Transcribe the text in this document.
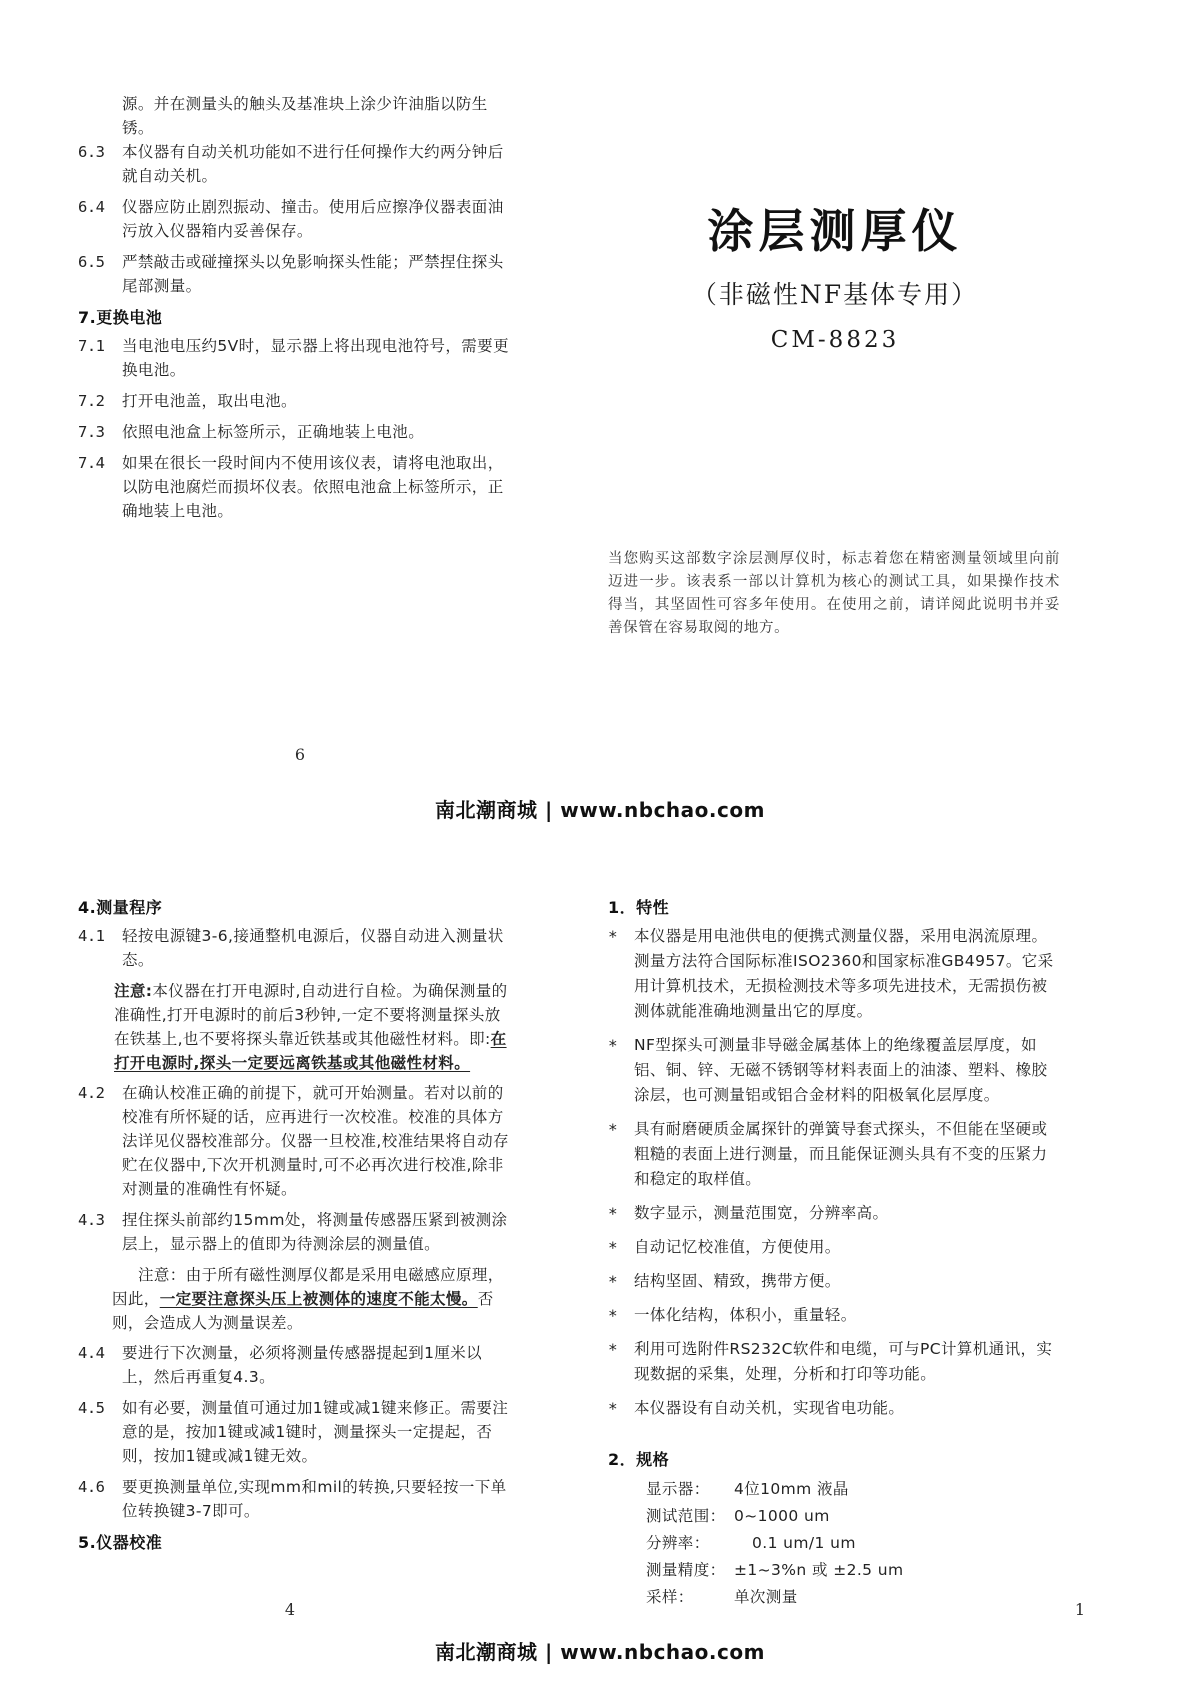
源。并在测量头的触头及基准块上涂少许油脂以防生锈。
6.3	本仪器有自动关机功能如不进行任何操作大约两分钟后就自动关机。
6.4	仪器应防止剧烈振动、撞击。使用后应擦净仪器表面油污放入仪器箱内妥善保存。
6.5	严禁敲击或碰撞探头以免影响探头性能；严禁捏住探头尾部测量。
7.更换电池
7.1	当电池电压约5V时，显示器上将出现电池符号，需要更换电池。
7.2	打开电池盖，取出电池。
7.3	依照电池盒上标签所示，正确地装上电池。
7.4	如果在很长一段时间内不使用该仪表，请将电池取出，以防电池腐烂而损坏仪表。依照电池盒上标签所示，正确地装上电池。
涂层测厚仪
（非磁性NF基体专用）
CM-8823
当您购买这部数字涂层测厚仪时，标志着您在精密测量领域里向前迈进一步。该表系一部以计算机为核心的测试工具，如果操作技术得当，其坚固性可容多年使用。在使用之前，请详阅此说明书并妥善保管在容易取阅的地方。
6
南北潮商城 | www.nbchao.com
4.测量程序
4.1	轻按电源键3-6,接通整机电源后，仪器自动进入测量状态。
注意:本仪器在打开电源时,自动进行自检。为确保测量的准确性,打开电源时的前后3秒钟,一定不要将测量探头放在铁基上,也不要将探头靠近铁基或其他磁性材料。即:在打开电源时,探头一定要远离铁基或其他磁性材料。
4.2	在确认校准正确的前提下，就可开始测量。若对以前的校准有所怀疑的话，应再进行一次校准。校准的具体方法详见仪器校准部分。仪器一旦校准,校准结果将自动存贮在仪器中,下次开机测量时,可不必再次进行校准,除非对测量的准确性有怀疑。
4.3	捏住探头前部约15mm处，将测量传感器压紧到被测涂层上，显示器上的值即为待测涂层的测量值。
注意：由于所有磁性测厚仪都是采用电磁感应原理，因此，一定要注意探头压上被测体的速度不能太慢。否则，会造成人为测量误差。
4.4	要进行下次测量，必须将测量传感器提起到1厘米以上，然后再重复4.3。
4.5	如有必要，测量值可通过加1键或减1键来修正。需要注意的是，按加1键或减1键时，测量探头一定提起，否则，按加1键或减1键无效。
4.6	要更换测量单位,实现mm和mil的转换,只要轻按一下单位转换键3-7即可。
5.仪器校准
1．特性
*	本仪器是用电池供电的便携式测量仪器，采用电涡流原理。测量方法符合国际标准ISO2360和国家标准GB4957。它采用计算机技术，无损检测技术等多项先进技术，无需损伤被测体就能准确地测量出它的厚度。
*	NF型探头可测量非导磁金属基体上的绝缘覆盖层厚度，如铝、铜、锌、无磁不锈钢等材料表面上的油漆、塑料、橡胶涂层，也可测量铝或铝合金材料的阳极氧化层厚度。
*	具有耐磨硬质金属探针的弹簧导套式探头，不但能在坚硬或粗糙的表面上进行测量，而且能保证测头具有不变的压紧力和稳定的取样值。
*	数字显示，测量范围宽，分辨率高。
*	自动记忆校准值，方便使用。
*	结构坚固、精致，携带方便。
*	一体化结构，体积小，重量轻。
*	利用可选附件RS232C软件和电缆，可与PC计算机通讯，实现数据的采集，处理，分析和打印等功能。
*	本仪器设有自动关机，实现省电功能。
2．规格
显示器：	4位10mm 液晶
测试范围： 0~1000 um
分辨率：	0.1 um/1 um
测量精度： ±1~3%n 或 ±2.5 um
采样：	单次测量
4	1
南北潮商城 | www.nbchao.com
